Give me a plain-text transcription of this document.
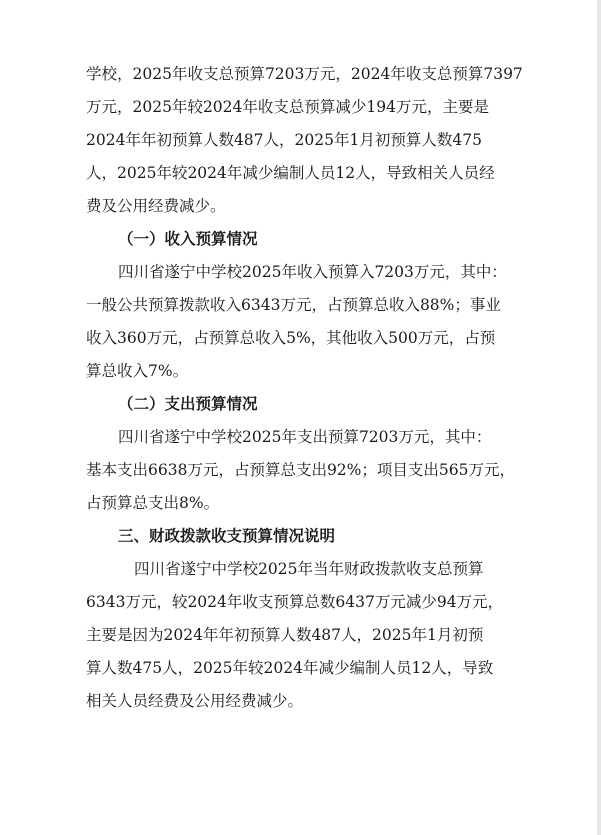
学校，2025年收支总预算7203万元，2024年收支总预算7397
万元，2025年较2024年收支总预算减少194万元，主要是
2024年年初预算人数487人，2025年1月初预算人数475
人，2025年较2024年减少编制人员12人，导致相关人员经
费及公用经费减少。
（一）收入预算情况
四川省遂宁中学校2025年收入预算入7203万元，其中：
一般公共预算拨款收入6343万元，占预算总收入88%；事业
收入360万元，占预算总收入5%，其他收入500万元，占预
算总收入7%。
（二）支出预算情况
四川省遂宁中学校2025年支出预算7203万元，其中：
基本支出6638万元，占预算总支出92%；项目支出565万元，
占预算总支出8%。
三、财政拨款收支预算情况说明
四川省遂宁中学校2025年当年财政拨款收支总预算
6343万元，较2024年收支预算总数6437万元减少94万元，
主要是因为2024年年初预算人数487人，2025年1月初预
算人数475人，2025年较2024年减少编制人员12人，导致
相关人员经费及公用经费减少。
